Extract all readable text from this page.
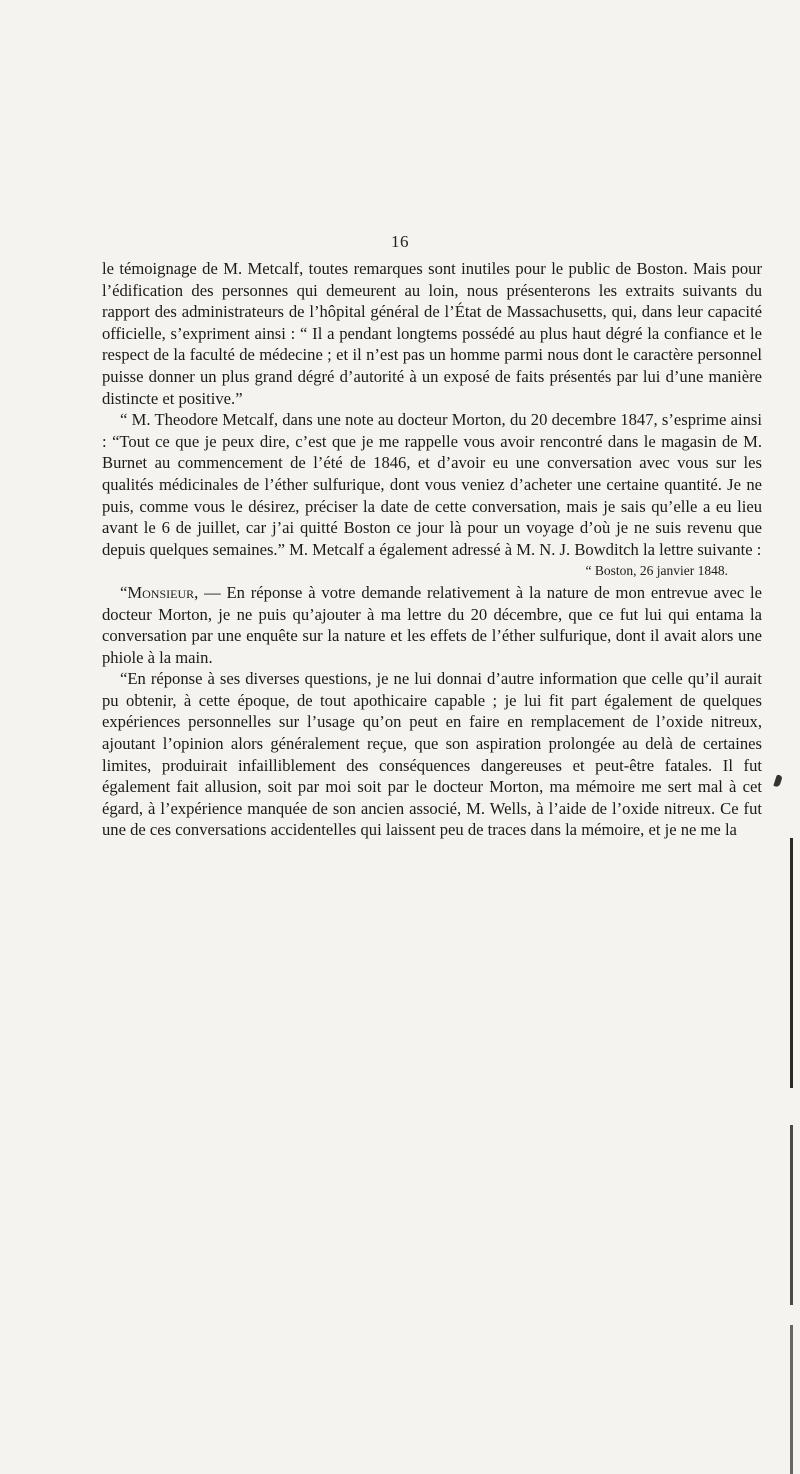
16

le témoignage de M. Metcalf, toutes remarques sont inutiles pour le public de Boston. Mais pour l’édification des personnes qui demeurent au loin, nous présenterons les extraits suivants du rapport des administrateurs de l’hôpital général de l’État de Massachusetts, qui, dans leur capacité officielle, s’expriment ainsi : “ Il a pendant longtems possédé au plus haut dégré la confiance et le respect de la faculté de médecine ; et il n’est pas un homme parmi nous dont le caractère personnel puisse donner un plus grand dégré d’autorité à un exposé de faits présentés par lui d’une manière distincte et positive.”

“ M. Theodore Metcalf, dans une note au docteur Morton, du 20 decembre 1847, s’esprime ainsi : “Tout ce que je peux dire, c’est que je me rappelle vous avoir rencontré dans le magasin de M. Burnet au commencement de l’été de 1846, et d’avoir eu une conversation avec vous sur les qualités médicinales de l’éther sulfurique, dont vous veniez d’acheter une certaine quantité. Je ne puis, comme vous le désirez, préciser la date de cette conversation, mais je sais qu’elle a eu lieu avant le 6 de juillet, car j’ai quitté Boston ce jour là pour un voyage d’où je ne suis revenu que depuis quelques semaines.” M. Metcalf a également adressé à M. N. J. Bowditch la lettre suivante :

“ Boston, 26 janvier 1848.

“Monsieur, — En réponse à votre demande relativement à la nature de mon entrevue avec le docteur Morton, je ne puis qu’ajouter à ma lettre du 20 décembre, que ce fut lui qui entama la conversation par une enquête sur la nature et les effets de l’éther sulfurique, dont il avait alors une phiole à la main.

“En réponse à ses diverses questions, je ne lui donnai d’autre information que celle qu’il aurait pu obtenir, à cette époque, de tout apothicaire capable ; je lui fit part également de quelques expériences personnelles sur l’usage qu’on peut en faire en remplacement de l’oxide nitreux, ajoutant l’opinion alors généralement reçue, que son aspiration prolongée au delà de certaines limites, produirait infailliblement des conséquences dangereuses et peut-être fatales. Il fut également fait allusion, soit par moi soit par le docteur Morton, ma mémoire me sert mal à cet égard, à l’expérience manquée de son ancien associé, M. Wells, à l’aide de l’oxide nitreux. Ce fut une de ces conversations accidentelles qui laissent peu de traces dans la mémoire, et je ne me la
